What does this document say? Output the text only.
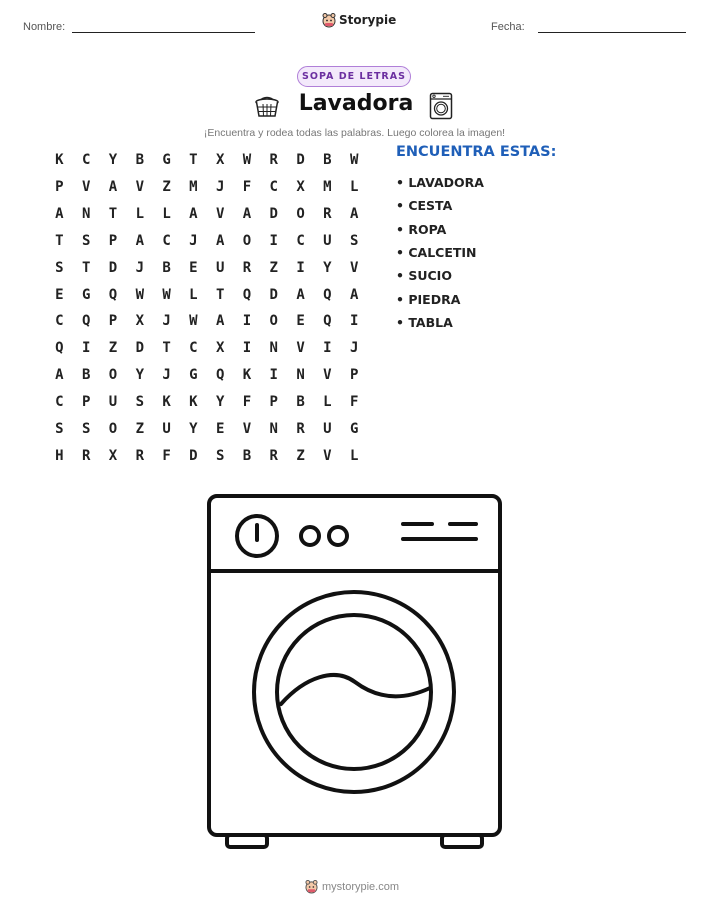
Nombre:	Storypie	Fecha:
SOPA DE LETRAS
Lavadora
¡Encuentra y rodea todas las palabras. Luego colorea la imagen!
K	C	Y	B	G	T	X	W	R	D	B	W
P	V	A	V	Z	M	J	F	C	X	M	L
A	N	T	L	L	A	V	A	D	O	R	A
T	S	P	A	C	J	A	O	I	C	U	S
S	T	D	J	B	E	U	R	Z	I	Y	V
E	G	Q	W	W	L	T	Q	D	A	Q	A
C	Q	P	X	J	W	A	I	O	E	Q	I
Q	I	Z	D	T	C	X	I	N	V	I	J
A	B	O	Y	J	G	Q	K	I	N	V	P
C	P	U	S	K	K	Y	F	P	B	L	F
S	S	O	Z	U	Y	E	V	N	R	U	G
H	R	X	R	F	D	S	B	R	Z	V	L
ENCUENTRA ESTAS:
• LAVADORA
• CESTA
• ROPA
• CALCETIN
• SUCIO
• PIEDRA
• TABLA
mystorypie.com
